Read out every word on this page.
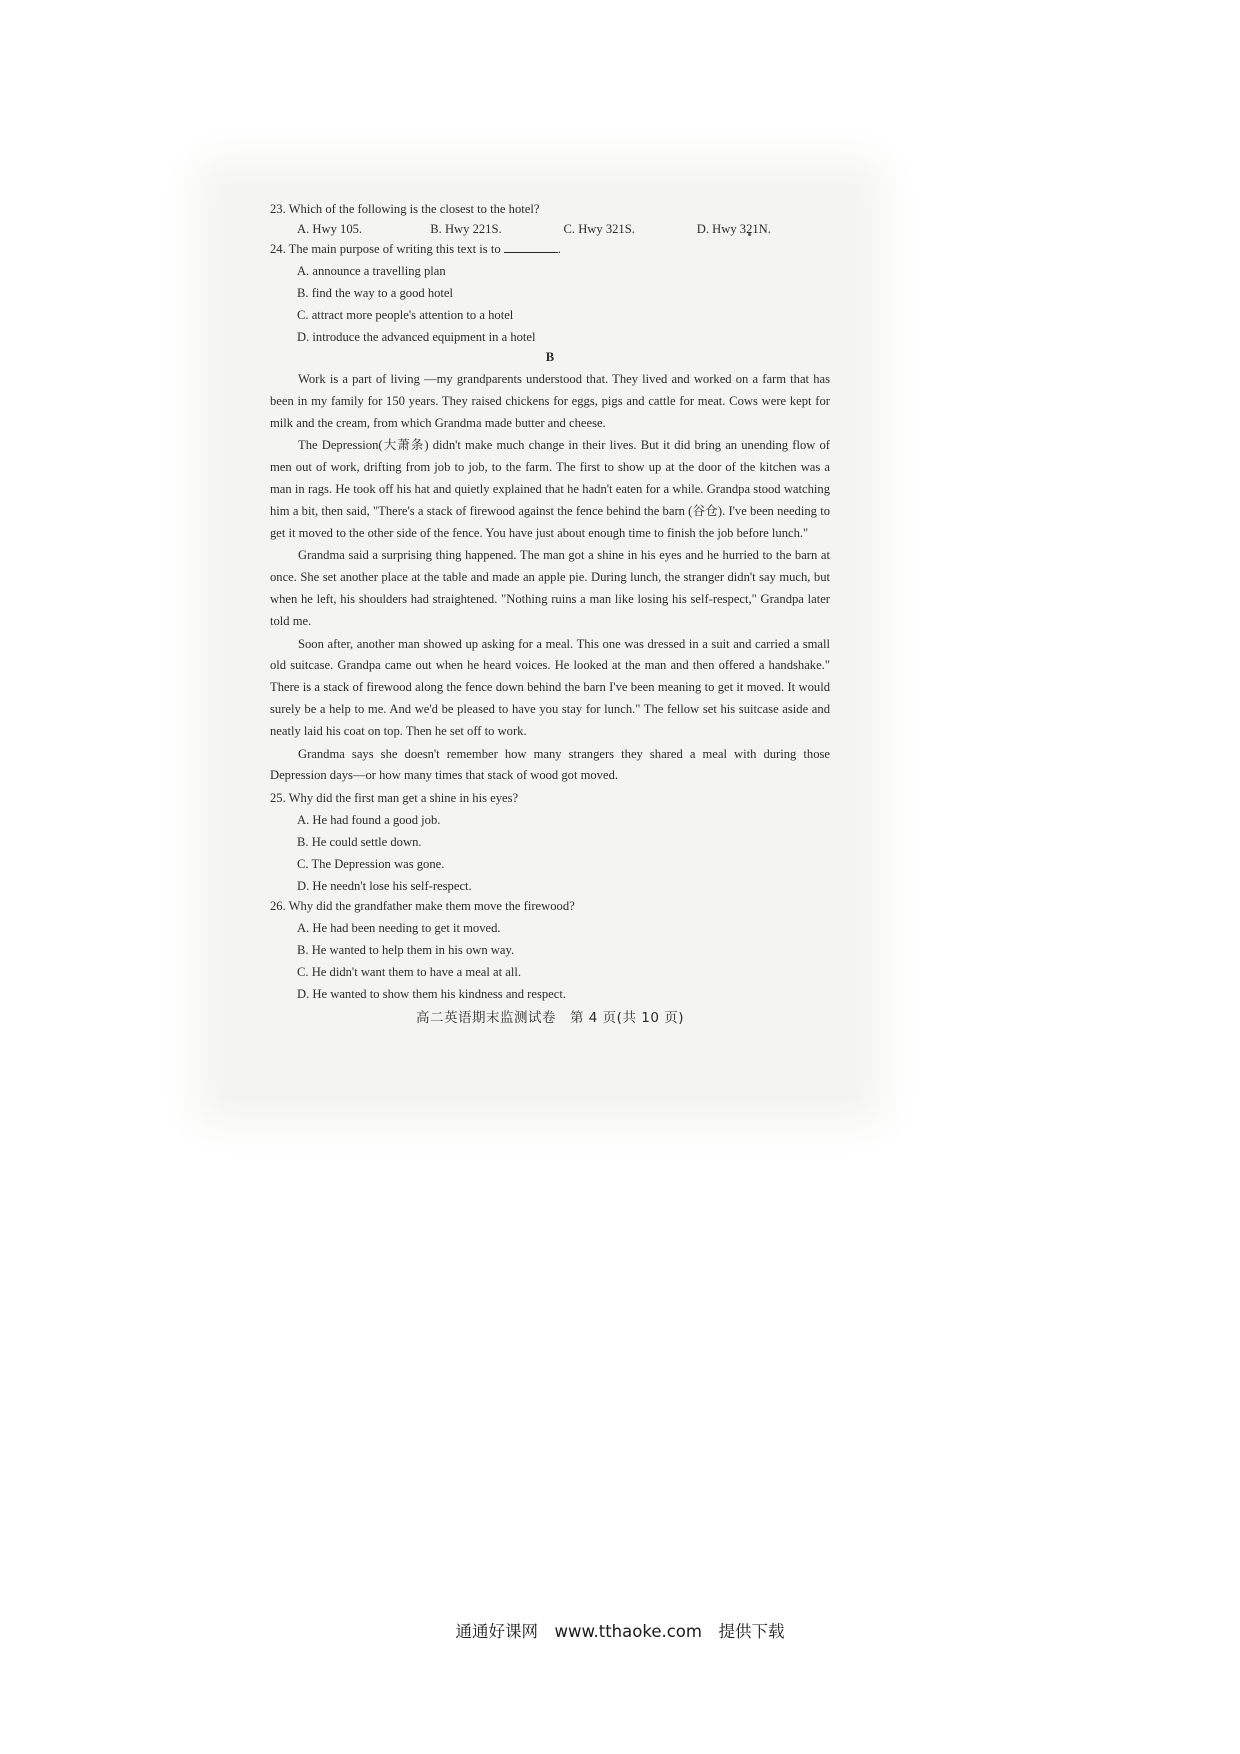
23. Which of the following is the closest to the hotel?

A. Hwy 105.	B. Hwy 221S.	C. Hwy 321S.	D. Hwy 321N.

24. The main purpose of writing this text is to	.

A. announce a travelling plan
B. find the way to a good hotel
C. attract more people's attention to a hotel
D. introduce the advanced equipment in a hotel

B

Work is a part of living —my grandparents understood that. They lived and worked on a farm that has been in my family for 150 years. They raised chickens for eggs, pigs and cattle for meat. Cows were kept for milk and the cream, from which Grandma made butter and cheese.

The Depression(大萧条) didn't make much change in their lives. But it did bring an unending flow of men out of work, drifting from job to job, to the farm. The first to show up at the door of the kitchen was a man in rags. He took off his hat and quietly explained that he hadn't eaten for a while. Grandpa stood watching him a bit, then said, "There's a stack of firewood against the fence behind the barn (谷仓). I've been needing to get it moved to the other side of the fence. You have just about enough time to finish the job before lunch."

Grandma said a surprising thing happened. The man got a shine in his eyes and he hurried to the barn at once. She set another place at the table and made an apple pie. During lunch, the stranger didn't say much, but when he left, his shoulders had straightened. "Nothing ruins a man like losing his self-respect," Grandpa later told me.

Soon after, another man showed up asking for a meal. This one was dressed in a suit and carried a small old suitcase. Grandpa came out when he heard voices. He looked at the man and then offered a handshake." There is a stack of firewood along the fence down behind the barn I've been meaning to get it moved. It would surely be a help to me. And we'd be pleased to have you stay for lunch." The fellow set his suitcase aside and neatly laid his coat on top. Then he set off to work.

Grandma says she doesn't remember how many strangers they shared a meal with during those Depression days—or how many times that stack of wood got moved.

25. Why did the first man get a shine in his eyes?

A. He had found a good job.
B. He could settle down.
C. The Depression was gone.
D. He needn't lose his self-respect.

26. Why did the grandfather make them move the firewood?

A. He had been needing to get it moved.
B. He wanted to help them in his own way.
C. He didn't want them to have a meal at all.
D. He wanted to show them his kindness and respect.
高二英语期末监测试卷　第 4 页(共 10 页)
通通好课网　www.tthaoke.com　提供下载
